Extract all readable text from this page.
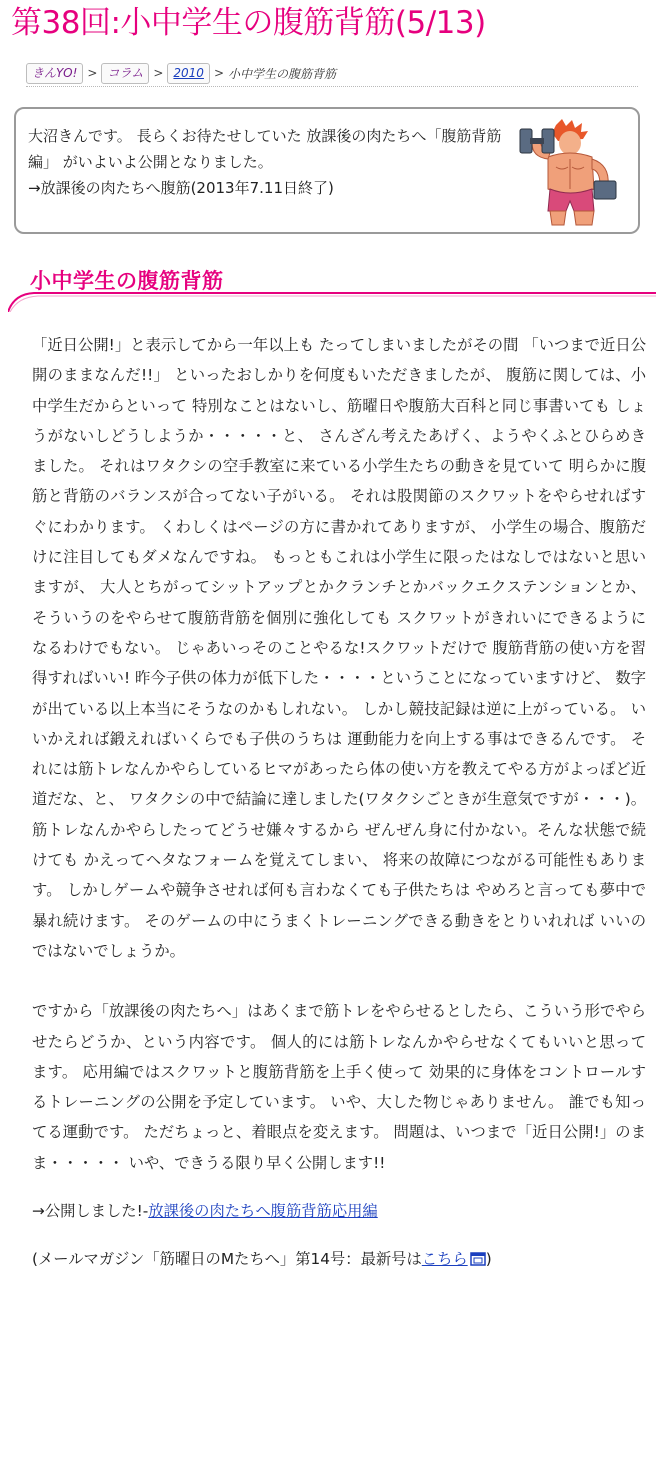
第38回:小中学生の腹筋背筋(5/13)
きんYO! > コラム > 2010 > 小中学生の腹筋背筋

大沼きんです。 長らくお待たせしていた 放課後の肉たちへ「腹筋背筋編」 がいよいよ公開となりました。

→放課後の肉たちへ腹筋(2013年7.11日終了)

小中学生の腹筋背筋

「近日公開!」と表示してから一年以上も たってしまいましたがその間 「いつまで近日公開のままなんだ!!」 といったおしかりを何度もいただきましたが、 腹筋に関しては、小中学生だからといって 特別なことはないし、筋曜日や腹筋大百科と同じ事書いても しょうがないしどうしようか・・・・・と、 さんざん考えたあげく、ようやくふとひらめきました。 それはワタクシの空手教室に来ている小学生たちの動きを見ていて 明らかに腹筋と背筋のバランスが合ってない子がいる。 それは股関節のスクワットをやらせればすぐにわかります。 くわしくはページの方に書かれてありますが、 小学生の場合、腹筋だけに注目してもダメなんですね。 もっともこれは小学生に限ったはなしではないと思いますが、 大人とちがってシットアップとかクランチとかバックエクステンションとか、 そういうのをやらせて腹筋背筋を個別に強化しても スクワットがきれいにできるようになるわけでもない。 じゃあいっそのことやるな!スクワットだけで 腹筋背筋の使い方を習得すればいい! 昨今子供の体力が低下した・・・・ということになっていますけど、 数字が出ている以上本当にそうなのかもしれない。 しかし競技記録は逆に上がっている。 いいかえれば鍛えればいくらでも子供のうちは 運動能力を向上する事はできるんです。 それには筋トレなんかやらしているヒマがあったら体の使い方を教えてやる方がよっぽど近道だな、と、 ワタクシの中で結論に達しました(ワタクシごときが生意気ですが・・・)。 筋トレなんかやらしたってどうせ嫌々するから ぜんぜん身に付かない。そんな状態で続けても かえってヘタなフォームを覚えてしまい、 将来の故障につながる可能性もあります。 しかしゲームや競争させれば何も言わなくても子供たちは やめろと言っても夢中で暴れ続けます。 そのゲームの中にうまくトレーニングできる動きをとりいれれば いいのではないでしょうか。

ですから「放課後の肉たちへ」はあくまで筋トレをやらせるとしたら、こういう形でやらせたらどうか、という内容です。 個人的には筋トレなんかやらせなくてもいいと思ってます。 応用編ではスクワットと腹筋背筋を上手く使って 効果的に身体をコントロールするトレーニングの公開を予定しています。 いや、大した物じゃありません。 誰でも知ってる運動です。 ただちょっと、着眼点を変えます。 問題は、いつまで「近日公開!」のまま・・・・・ いや、できうる限り早く公開します!!

→公開しました!-放課後の肉たちへ腹筋背筋応用編

(メールマガジン「筋曜日のMたちへ」第14号：最新号はこちら )
